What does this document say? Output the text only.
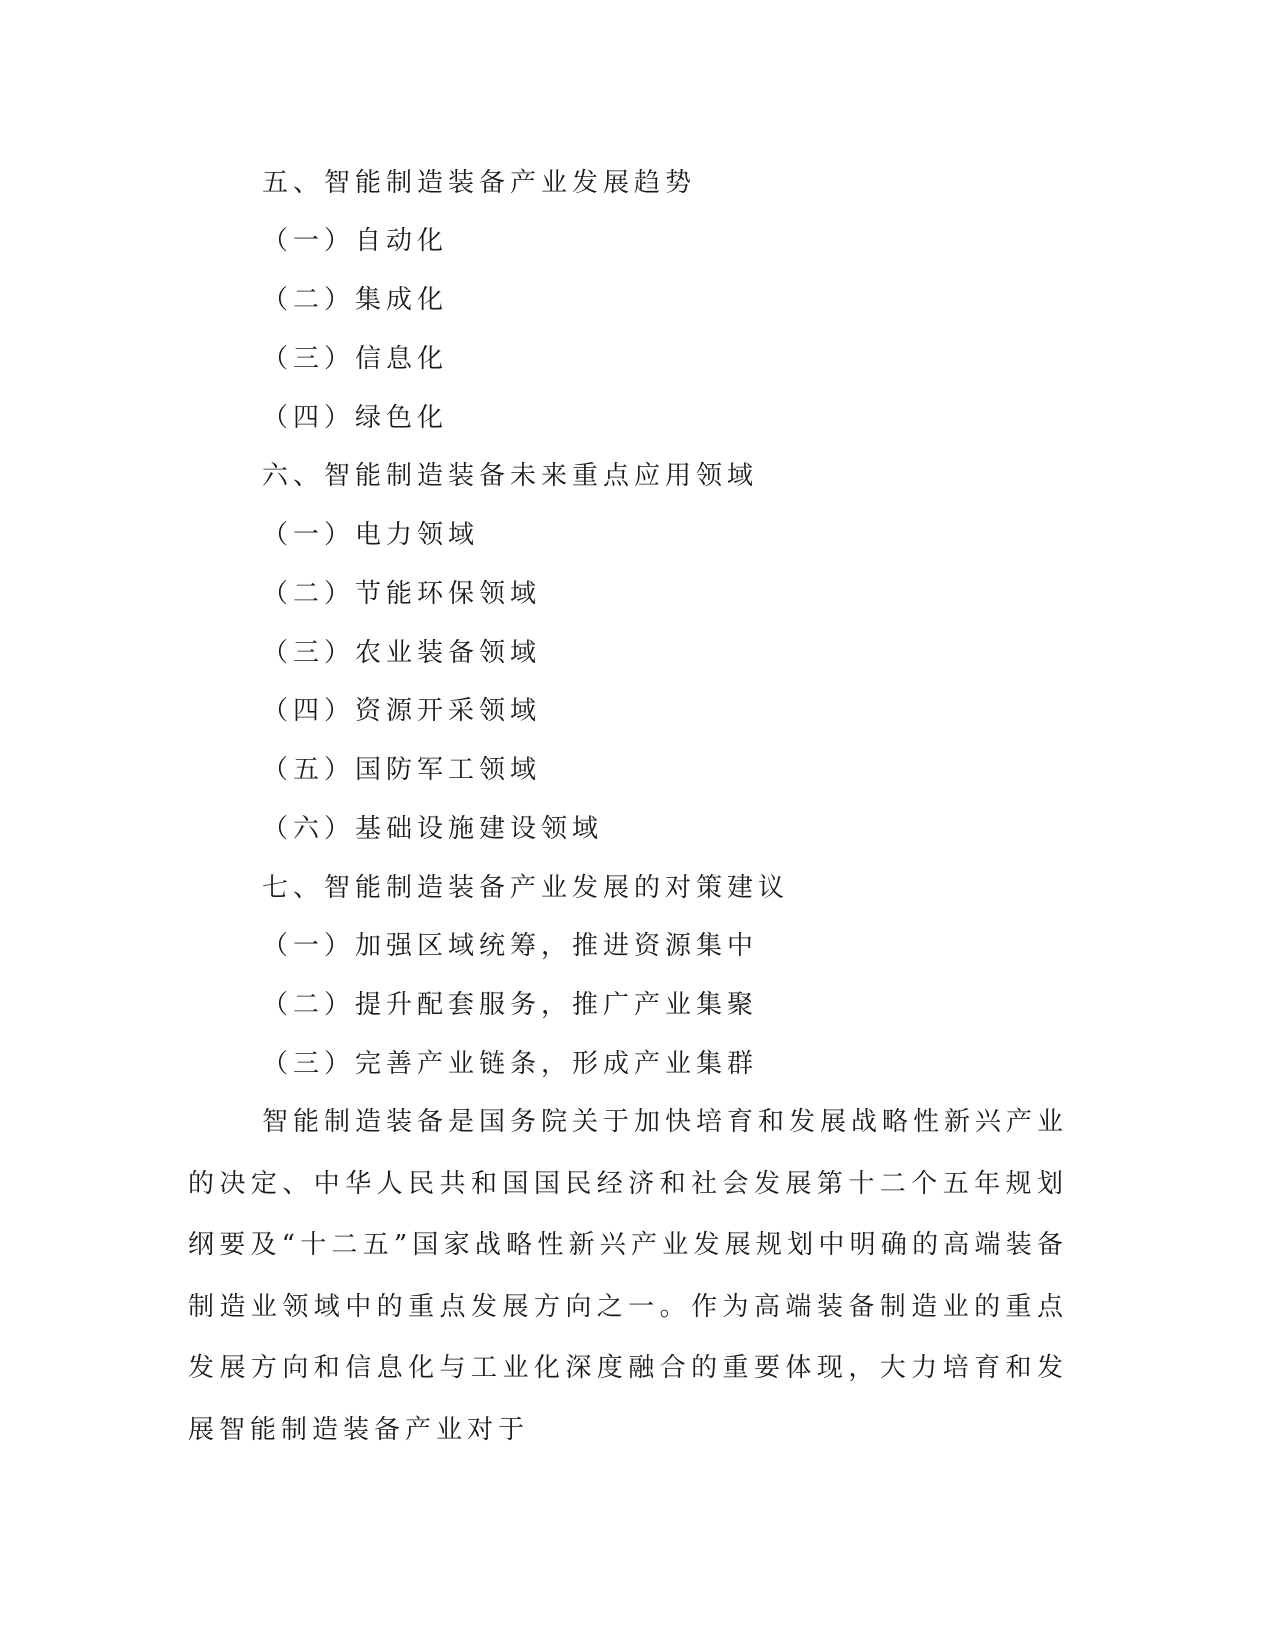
五、智能制造装备产业发展趋势
（一）自动化
（二）集成化
（三）信息化
（四）绿色化
六、智能制造装备未来重点应用领域
（一）电力领域
（二）节能环保领域
（三）农业装备领域
（四）资源开采领域
（五）国防军工领域
（六）基础设施建设领域
七、智能制造装备产业发展的对策建议
（一）加强区域统筹，推进资源集中
（二）提升配套服务，推广产业集聚
（三）完善产业链条，形成产业集群
智能制造装备是国务院关于加快培育和发展战略性新兴产业的决定、中华人民共和国国民经济和社会发展第十二个五年规划纲要及“十二五”国家战略性新兴产业发展规划中明确的高端装备制造业领域中的重点发展方向之一。作为高端装备制造业的重点发展方向和信息化与工业化深度融合的重要体现，大力培育和发展智能制造装备产业对于
